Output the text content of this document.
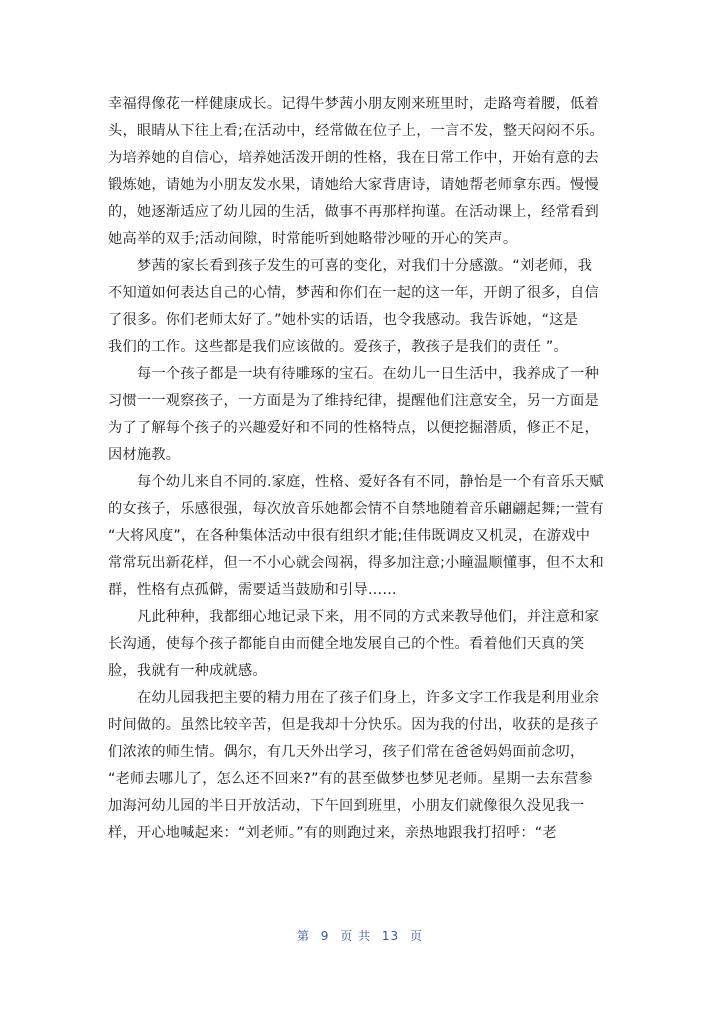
幸福得像花一样健康成长。记得牛梦茜小朋友刚来班里时，走路弯着腰，低着
头，眼睛从下往上看;在活动中，经常做在位子上，一言不发，整天闷闷不乐。
为培养她的自信心，培养她活泼开朗的性格，我在日常工作中，开始有意的去
锻炼她，请她为小朋友发水果，请她给大家背唐诗，请她帮老师拿东西。慢慢
的，她逐渐适应了幼儿园的生活，做事不再那样拘谨。在活动课上，经常看到
她高举的双手;活动间隙，时常能听到她略带沙哑的开心的笑声。
梦茜的家长看到孩子发生的可喜的变化，对我们十分感激。“刘老师，我
不知道如何表达自己的心情，梦茜和你们在一起的这一年，开朗了很多，自信
了很多。你们老师太好了。”她朴实的话语，也令我感动。我告诉她，“这是
我们的工作。这些都是我们应该做的。爱孩子，教孩子是我们的责任 ”。
每一个孩子都是一块有待雕琢的宝石。在幼儿一日生活中，我养成了一种
习惯一一观察孩子，一方面是为了维持纪律，提醒他们注意安全，另一方面是
为了了解每个孩子的兴趣爱好和不同的性格特点，以便挖掘潜质，修正不足，
因材施教。
每个幼儿来自不同的.家庭，性格、爱好各有不同，静怡是一个有音乐天赋
的女孩子，乐感很强，每次放音乐她都会情不自禁地随着音乐翩翩起舞;一萱有
“大将风度”，在各种集体活动中很有组织才能;佳伟既调皮又机灵，在游戏中
常常玩出新花样，但一不小心就会闯祸，得多加注意;小瞳温顺懂事，但不太和
群，性格有点孤僻，需要适当鼓励和引导……
凡此种种，我都细心地记录下来，用不同的方式来教导他们，并注意和家
长沟通，使每个孩子都能自由而健全地发展自己的个性。看着他们天真的笑
脸，我就有一种成就感。
在幼儿园我把主要的精力用在了孩子们身上，许多文字工作我是利用业余
时间做的。虽然比较辛苦，但是我却十分快乐。因为我的付出，收获的是孩子
们浓浓的师生情。偶尔，有几天外出学习，孩子们常在爸爸妈妈面前念叨，
“老师去哪儿了，怎么还不回来?”有的甚至做梦也梦见老师。星期一去东营参
加海河幼儿园的半日开放活动，下午回到班里，小朋友们就像很久没见我一
样，开心地喊起来：“刘老师。”有的则跑过来，亲热地跟我打招呼：“老
第 9 页 共 13 页
